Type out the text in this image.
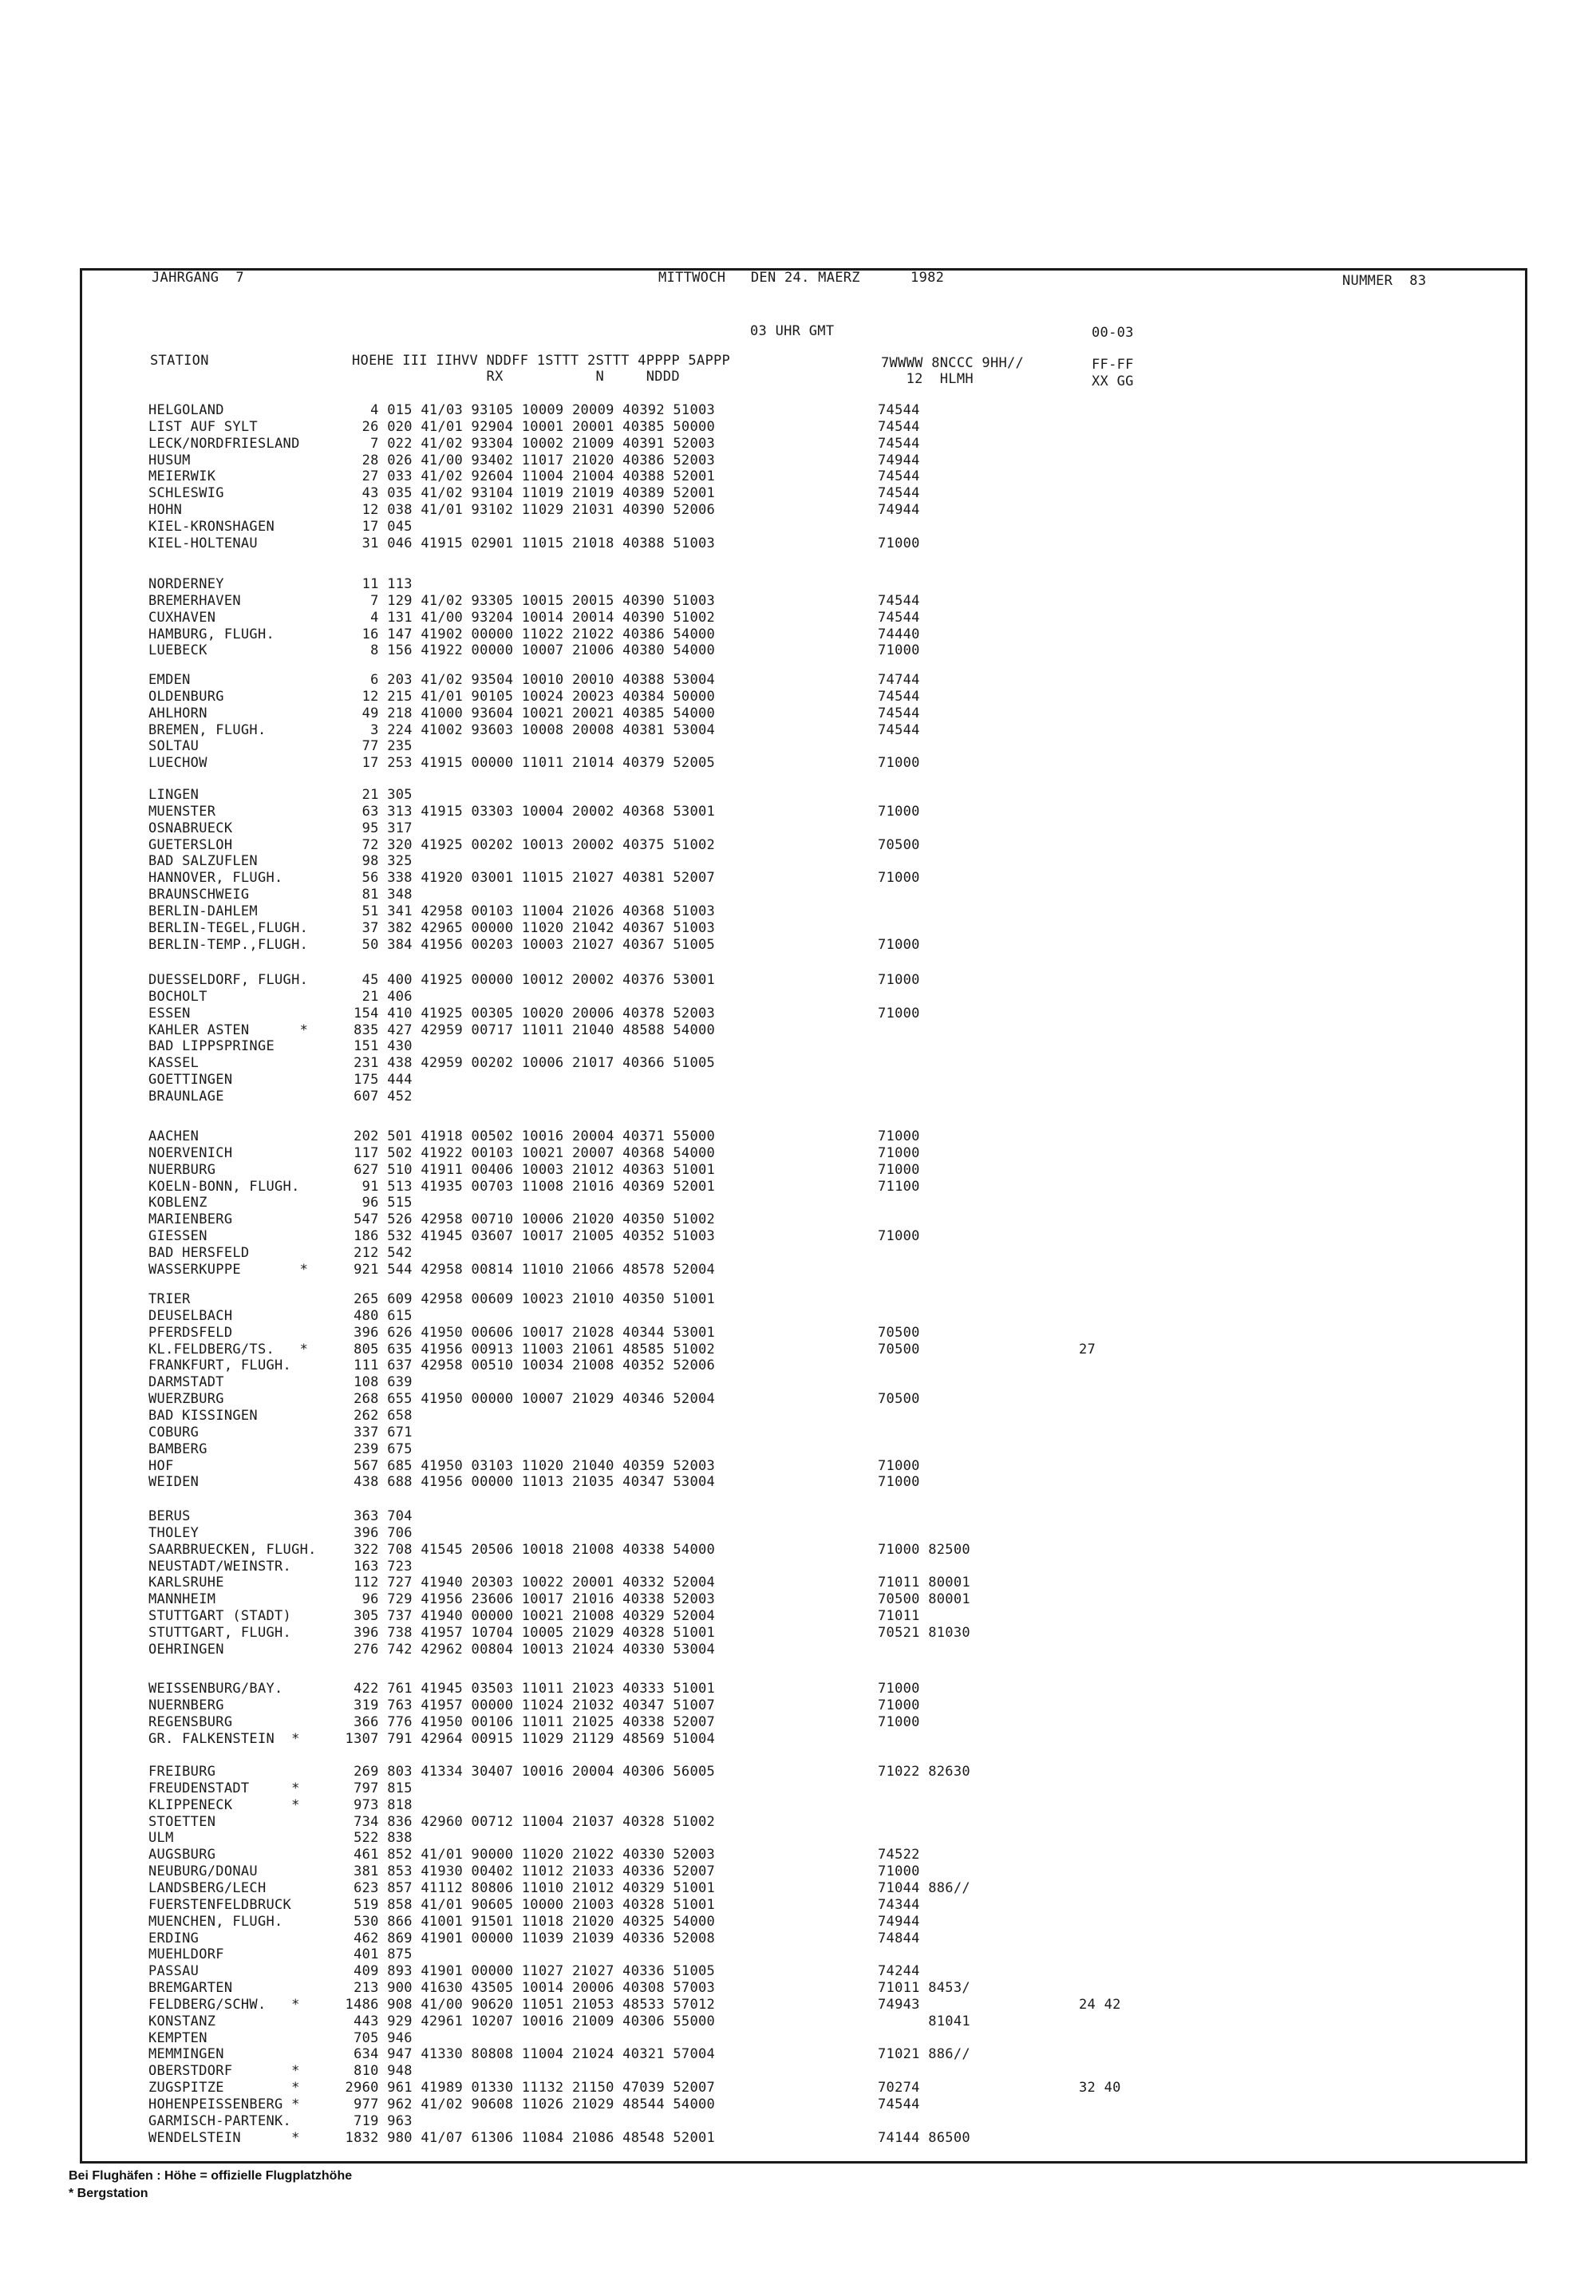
JAHRGANG  7	MITTWOCH   DEN 24. MAERZ      1982	NUMMER  83
03 UHR GMT	00-03
STATION	HOEHE III IIHVV NDDFF 1STTT 2STTT 4PPPP 5APPP
RX           N     NDDD
7WWWW 8NCCC 9HH//
12  HLMH
FF-FF
XX GG
HELGOLAND	4 015 41/03 93105 10009 20009 40392 51003	74544
LIST AUF SYLT	26 020 41/01 92904 10001 20001 40385 50000	74544
LECK/NORDFRIESLAND	7 022 41/02 93304 10002 21009 40391 52003	74544
HUSUM	28 026 41/00 93402 11017 21020 40386 52003	74944
MEIERWIK	27 033 41/02 92604 11004 21004 40388 52001	74544
SCHLESWIG	43 035 41/02 93104 11019 21019 40389 52001	74544
HOHN	12 038 41/01 93102 11029 21031 40390 52006	74944
KIEL-KRONSHAGEN	17 045
KIEL-HOLTENAU	31 046 41915 02901 11015 21018 40388 51003	71000
NORDERNEY	11 113
BREMERHAVEN	7 129 41/02 93305 10015 20015 40390 51003	74544
CUXHAVEN	4 131 41/00 93204 10014 20014 40390 51002	74544
HAMBURG, FLUGH.	16 147 41902 00000 11022 21022 40386 54000	74440
LUEBECK	8 156 41922 00000 10007 21006 40380 54000	71000
EMDEN	6 203 41/02 93504 10010 20010 40388 53004	74744
OLDENBURG	12 215 41/01 90105 10024 20023 40384 50000	74544
AHLHORN	49 218 41000 93604 10021 20021 40385 54000	74544
BREMEN, FLUGH.	3 224 41002 93603 10008 20008 40381 53004	74544
SOLTAU	77 235
LUECHOW	17 253 41915 00000 11011 21014 40379 52005	71000
LINGEN	21 305
MUENSTER	63 313 41915 03303 10004 20002 40368 53001	71000
OSNABRUECK	95 317
GUETERSLOH	72 320 41925 00202 10013 20002 40375 51002	70500
BAD SALZUFLEN	98 325
HANNOVER, FLUGH.	56 338 41920 03001 11015 21027 40381 52007	71000
BRAUNSCHWEIG	81 348
BERLIN-DAHLEM	51 341 42958 00103 11004 21026 40368 51003
BERLIN-TEGEL,FLUGH. 37 382 42965 00000 11020 21042 40367 51003
BERLIN-TEMP.,FLUGH. 50 384 41956 00203 10003 21027 40367 51005	71000
DUESSELDORF, FLUGH. 45 400 41925 00000 10012 20002 40376 53001	71000
BOCHOLT	21 406
ESSEN	154 410 41925 00305 10020 20006 40378 52003	71000
KAHLER ASTEN      * 835 427 42959 00717 11011 21040 48588 54000
BAD LIPPSPRINGE	151 430
KASSEL	231 438 42959 00202 10006 21017 40366 51005
GOETTINGEN	175 444
BRAUNLAGE	607 452
AACHEN	202 501 41918 00502 10016 20004 40371 55000	71000
NOERVENICH	117 502 41922 00103 10021 20007 40368 54000	71000
NUERBURG	627 510 41911 00406 10003 21012 40363 51001	71000
KOELN-BONN, FLUGH.	91 513 41935 00703 11008 21016 40369 52001	71100
KOBLENZ	96 515
MARIENBERG	547 526 42958 00710 10006 21020 40350 51002
GIESSEN	186 532 41945 03607 10017 21005 40352 51003	71000
BAD HERSFELD	212 542
WASSERKUPPE       * 921 544 42958 00814 11010 21066 48578 52004
TRIER	265 609 42958 00609 10023 21010 40350 51001
DEUSELBACH	480 615
PFERDSFELD	396 626 41950 00606 10017 21028 40344 53001	70500
KL.FELDBERG/TS.   * 805 635 41956 00913 11003 21061 48585 51002	70500	27
FRANKFURT, FLUGH.	111 637 42958 00510 10034 21008 40352 52006
DARMSTADT	108 639
WUERZBURG	268 655 41950 00000 10007 21029 40346 52004	70500
BAD KISSINGEN	262 658
COBURG	337 671
BAMBERG	239 675
HOF	567 685 41950 03103 11020 21040 40359 52003	71000
WEIDEN	438 688 41956 00000 11013 21035 40347 53004	71000
BERUS	363 704
THOLEY	396 706
SAARBRUECKEN, FLUGH. 322 708 41545 20506 10018 21008 40338 54000	71000 82500
NEUSTADT/WEINSTR.	163 723
KARLSRUHE	112 727 41940 20303 10022 20001 40332 52004	71011 80001
MANNHEIM	96 729 41956 23606 10017 21016 40338 52003	70500 80001
STUTTGART (STADT)	305 737 41940 00000 10021 21008 40329 52004	71011
STUTTGART, FLUGH.	396 738 41957 10704 10005 21029 40328 51001	70521 81030
OEHRINGEN	276 742 42962 00804 10013 21024 40330 53004
WEISSENBURG/BAY.	422 761 41945 03503 11011 21023 40333 51001	71000
NUERNBERG	319 763 41957 00000 11024 21032 40347 51007	71000
REGENSBURG	366 776 41950 00106 11011 21025 40338 52007	71000
GR. FALKENSTEIN  *	1307 791 42964 00915 11029 21129 48569 51004
FREIBURG	269 803 41334 30407 10016 20004 40306 56005	71022 82630
FREUDENSTADT     *	797 815
KLIPPENECK       *	973 818
STOETTEN	734 836 42960 00712 11004 21037 40328 51002
ULM	522 838
AUGSBURG	461 852 41/01 90000 11020 21022 40330 52003	74522
NEUBURG/DONAU	381 853 41930 00402 11012 21033 40336 52007	71000
LANDSBERG/LECH	623 857 41112 80806 11010 21012 40329 51001	71044 886//
FUERSTENFELDBRUCK	519 858 41/01 90605 10000 21003 40328 51001	74344
MUENCHEN, FLUGH.	530 866 41001 91501 11018 21020 40325 54000	74944
ERDING	462 869 41901 00000 11039 21039 40336 52008	74844
MUEHLDORF	401 875
PASSAU	409 893 41901 00000 11027 21027 40336 51005	74244
BREMGARTEN	213 900 41630 43505 10014 20006 40308 57003	71011 8453/
FELDBERG/SCHW.   *	1486 908 41/00 90620 11051 21053 48533 57012	74943	24 42
KONSTANZ	443 929 42961 10207 10016 21009 40306 55000	81041
KEMPTEN	705 946
MEMMINGEN	634 947 41330 80808 11004 21024 40321 57004	71021 886//
OBERSTDORF       *	810 948
ZUGSPITZE        *	2960 961 41989 01330 11132 21150 47039 52007	70274	32 40
HOHENPEISSENBERG *	977 962 41/02 90608 11026 21029 48544 54000	74544
GARMISCH-PARTENK.	719 963
WENDELSTEIN      *	1832 980 41/07 61306 11084 21086 48548 52001	74144 86500
Bei Flughäfen : Höhe = offizielle Flugplatzhöhe
* Bergstation
